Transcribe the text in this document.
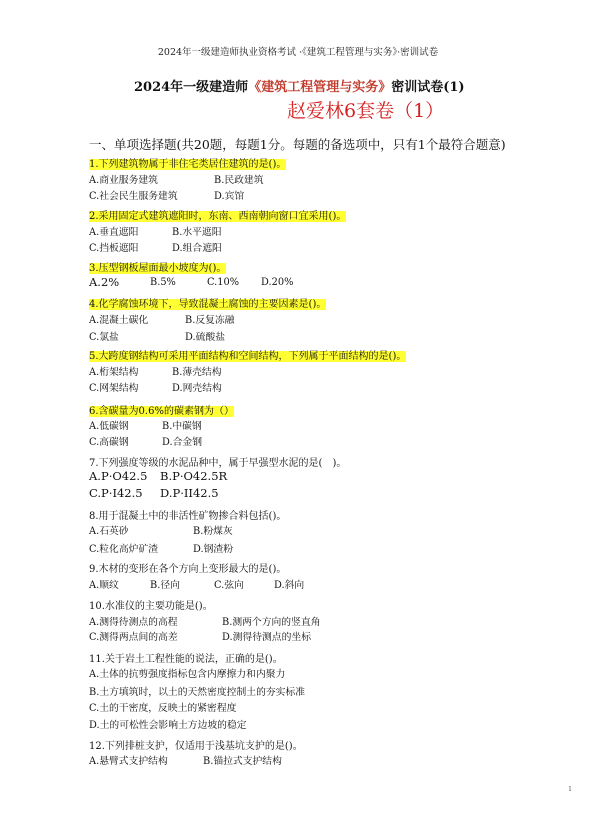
2024年一级建造师执业资格考试 ·《建筑工程管理与实务》·密训试卷
2024年一级建造师《建筑工程管理与实务》密训试卷(1)
赵爱林6套卷（1）
一、单项选择题(共20题，每题1分。每题的备选项中，只有1个最符合题意)
1.下列建筑物属于非住宅类居住建筑的是()。
A.商业服务建筑	B.民政建筑
C.社会民生服务建筑	D.宾馆
2.采用固定式建筑遮阳时，东南、西南朝向窗口宜采用()。
A.垂直遮阳	B.水平遮阳
C.挡板遮阳	D.组合遮阳
3.压型钢板屋面最小坡度为()。
A.2%	B.5%	C.10% D.20%
4.化学腐蚀环境下，导致混凝土腐蚀的主要因素是()。
A.混凝土碳化	B.反复冻融
C.氯盐	D.硫酸盐
5.大跨度钢结构可采用平面结构和空间结构，下列属于平面结构的是()。
A.桁架结构	B.薄壳结构
C.网架结构	D.网壳结构
6.含碳量为0.6%的碳素钢为（）
A.低碳钢	B.中碳钢
C.高碳钢	D.合金钢
7.下列强度等级的水泥品种中，属于早强型水泥的是(　)。
A.P·O42.5 B.P·O42.5R
C.P·I42.5 D.P·II42.5
8.用于混凝土中的非活性矿物掺合料包括()。
A.石英砂	B.粉煤灰
C.粒化高炉矿渣	D.钢渣粉
9.木材的变形在各个方向上变形最大的是()。
A.顺纹	B.径向	C.弦向	D.斜向
10.水准仪的主要功能是()。
A.测得待测点的高程	B.测两个方向的竖直角
C.测得两点间的高差	D.测得待测点的坐标
11.关于岩土工程性能的说法，正确的是()。
A.土体的抗剪强度指标包含内摩擦力和内聚力
B.土方填筑时，以土的天然密度控制土的夯实标准
C.土的干密度，反映土的紧密程度
D.土的可松性会影响土方边坡的稳定
12.下列排桩支护，仅适用于浅基坑支护的是()。
A.悬臂式支护结构	B.锚拉式支护结构
1
